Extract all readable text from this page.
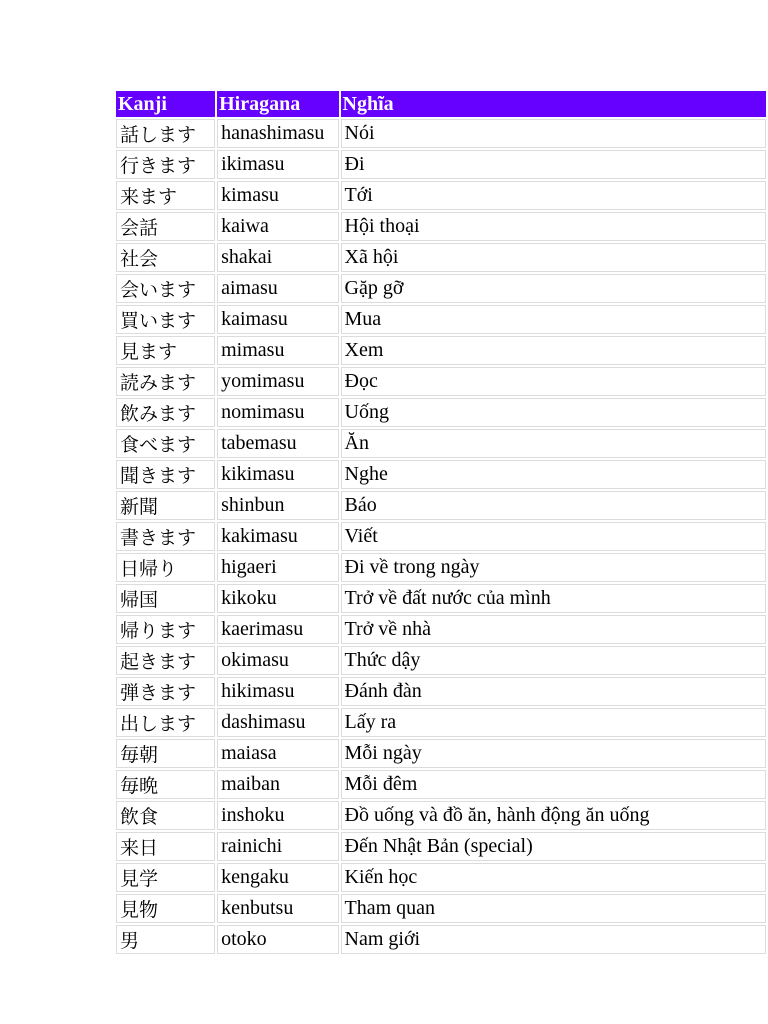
Kanji	Hiragana	Nghĩa
話します	hanashimasu	Nói
行きます	ikimasu	Đi
来ます	kimasu	Tới
会話	kaiwa	Hội thoại
社会	shakai	Xã hội
会います	aimasu	Gặp gỡ
買います	kaimasu	Mua
見ます	mimasu	Xem
読みます	yomimasu	Đọc
飲みます	nomimasu	Uống
食べます	tabemasu	Ăn
聞きます	kikimasu	Nghe
新聞	shinbun	Báo
書きます	kakimasu	Viết
日帰り	higaeri	Đi về trong ngày
帰国	kikoku	Trở về đất nước của mình
帰ります	kaerimasu	Trở về nhà
起きます	okimasu	Thức dậy
弾きます	hikimasu	Đánh đàn
出します	dashimasu	Lấy ra
毎朝	maiasa	Mỗi ngày
毎晩	maiban	Mỗi đêm
飲食	inshoku	Đồ uống và đồ ăn, hành động ăn uống
来日	rainichi	Đến Nhật Bản (special)
見学	kengaku	Kiến học
見物	kenbutsu	Tham quan
男	otoko	Nam giới
